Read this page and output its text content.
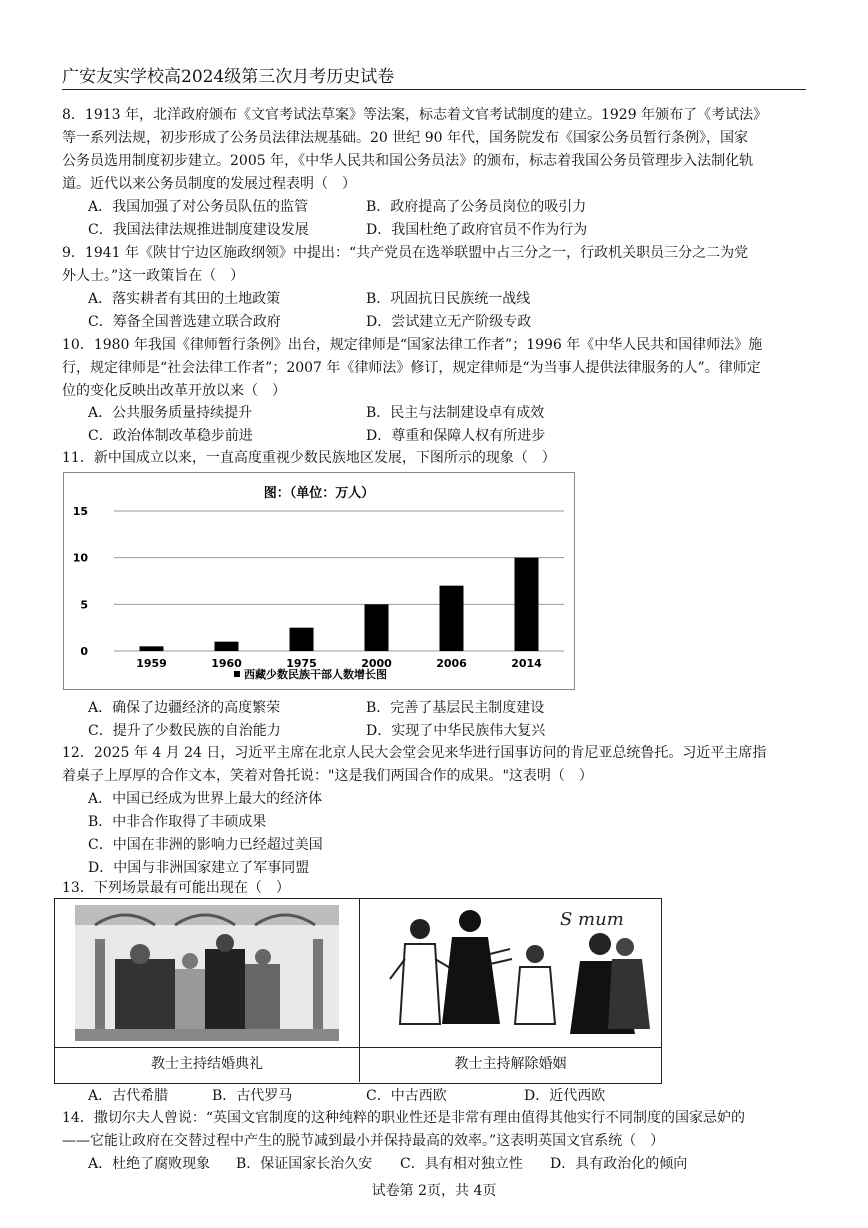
广安友实学校高2024级第三次月考历史试卷

8．1913 年，北洋政府颁布《文官考试法草案》等法案，标志着文官考试制度的建立。1929 年颁布了《考试法》
等一系列法规，初步形成了公务员法律法规基础。20 世纪 90 年代，国务院发布《国家公务员暂行条例》，国家
公务员选用制度初步建立。2005 年，《中华人民共和国公务员法》的颁布，标志着我国公务员管理步入法制化轨
道。近代以来公务员制度的发展过程表明（　）

A．我国加强了对公务员队伍的监管	B．政府提高了公务员岗位的吸引力
C．我国法律法规推进制度建设发展	D．我国杜绝了政府官员不作为行为

9．1941 年《陕甘宁边区施政纲领》中提出：“共产党员在选举联盟中占三分之一，行政机关职员三分之二为党
外人士。”这一政策旨在（　）

A．落实耕者有其田的土地政策	B．巩固抗日民族统一战线
C．筹备全国普选建立联合政府	D．尝试建立无产阶级专政

10．1980 年我国《律师暂行条例》出台，规定律师是“国家法律工作者”；1996 年《中华人民共和国律师法》施
行，规定律师是“社会法律工作者”；2007 年《律师法》修订，规定律师是“为当事人提供法律服务的人”。律师定
位的变化反映出改革开放以来（　）

A．公共服务质量持续提升	B．民主与法制建设卓有成效
C．政治体制改革稳步前进	D．尊重和保障人权有所进步

11．新中国成立以来，一直高度重视少数民族地区发展，下图所示的现象（　）

图：（单位：万人）
0
5
10
15
1959	1960	1975	2000	2006	2014
西藏少数民族干部人数增长图
A．确保了边疆经济的高度繁荣	B．完善了基层民主制度建设
C．提升了少数民族的自治能力	D．实现了中华民族伟大复兴

12．2025 年 4 月 24 日，习近平主席在北京人民大会堂会见来华进行国事访问的肯尼亚总统鲁托。习近平主席指
着桌子上厚厚的合作文本，笑着对鲁托说："这是我们两国合作的成果。"这表明（　）

A．中国已经成为世界上最大的经济体
B．中非合作取得了丰硕成果
C．中国在非洲的影响力已经超过美国
D．中国与非洲国家建立了军事同盟

13．下列场景最有可能出现在（　）

S mum
教士主持结婚典礼	教士主持解除婚姻
A．古代希腊	B．古代罗马	C．中古西欧	D．近代西欧

14．撒切尔夫人曾说：“英国文官制度的这种纯粹的职业性还是非常有理由值得其他实行不同制度的国家忌妒的
——它能让政府在交替过程中产生的脱节减到最小并保持最高的效率。”这表明英国文官系统（　）

A．杜绝了腐败现象 B．保证国家长治久安 C．具有相对独立性 D．具有政治化的倾向
试卷第 2页，共 4页
